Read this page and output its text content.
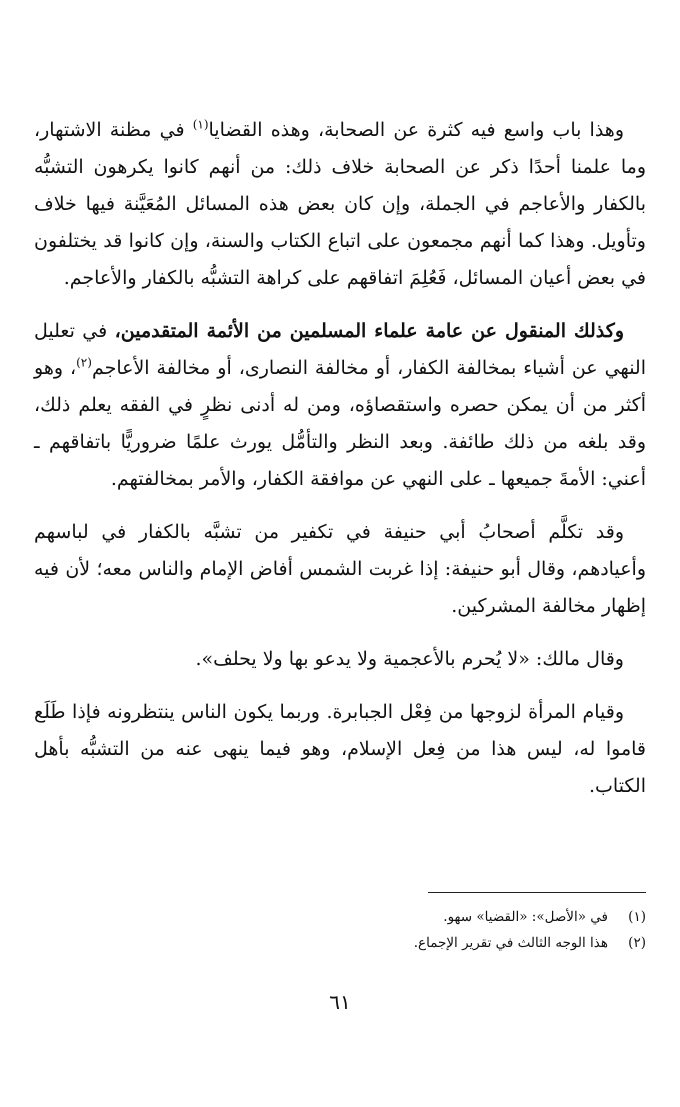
وهذا باب واسع فيه كثرة عن الصحابة، وهذه القضايا$^{(١)}$ في مظنة الاشتهار، وما علمنا أحدًا ذكر عن الصحابة خلاف ذلك: من أنهم كانوا يكرهون التشبُّه بالكفار والأعاجم في الجملة، وإن كان بعض هذه المسائل المُعَيَّنة فيها خلاف وتأويل. وهذا كما أنهم مجمعون على اتباع الكتاب والسنة، وإن كانوا قد يختلفون في بعض أعيان المسائل، فَعُلِمَ اتفاقهم على كراهة التشبُّه بالكفار والأعاجم.

وكذلك المنقول عن عامة علماء المسلمين من الأئمة المتقدمين، في تعليل النهي عن أشياء بمخالفة الكفار، أو مخالفة النصارى، أو مخالفة الأعاجم$^{(٢)}$، وهو أكثر من أن يمكن حصره واستقصاؤه، ومن له أدنى نظرٍ في الفقه يعلم ذلك، وقد بلغه من ذلك طائفة. وبعد النظر والتأمُّل يورث علمًا ضروريًّا باتفاقهم ـ أعني: الأمةَ جميعها ـ على النهي عن موافقة الكفار، والأمر بمخالفتهم.

وقد تكلَّم أصحابُ أبي حنيفة في تكفير من تشبَّه بالكفار في لباسهم وأعيادهم، وقال أبو حنيفة: إذا غربت الشمس أفاض الإمام والناس معه؛ لأن فيه إظهار مخالفة المشركين.

وقال مالك: «لا يُحرم بالأعجمية ولا يدعو بها ولا يحلف».

وقيام المرأة لزوجها من فِعْل الجبابرة. وربما يكون الناس ينتظرونه فإذا طَلَع قاموا له، ليس هذا من فِعل الإسلام، وهو فيما ينهى عنه من التشبُّه بأهل الكتاب.

(١)
في «الأصل»: «القضيا» سهو.
(٢)
هذا الوجه الثالث في تقرير الإجماع.
٦١
